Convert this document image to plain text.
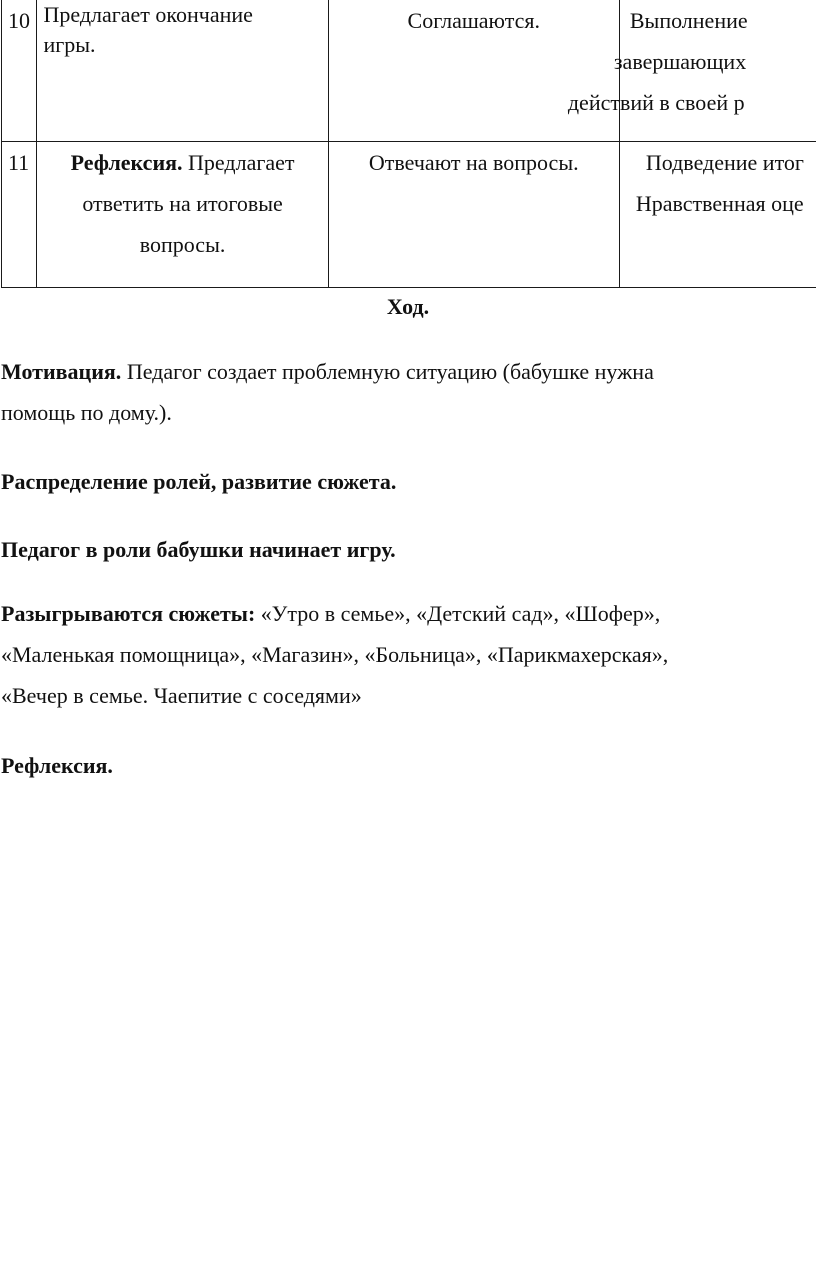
10	Предлагает окончание
игры.	Соглашаются.	Выполнение
завершающих
действий в своей р

11	Рефлексия. Предлагает
ответить на итоговые
вопросы.	Отвечают на вопросы.	Подведение итог
Нравственная оце
Ход.

Мотивация. Педагог создает проблемную ситуацию (бабушке нужна
помощь по дому.).

Распределение ролей, развитие сюжета.

Педагог в роли бабушки начинает игру.

Разыгрываются сюжеты: «Утро в семье», «Детский сад», «Шофер»,
«Маленькая помощница», «Магазин», «Больница», «Парикмахерская»,
«Вечер в семье. Чаепитие с соседями»

Рефлексия.
